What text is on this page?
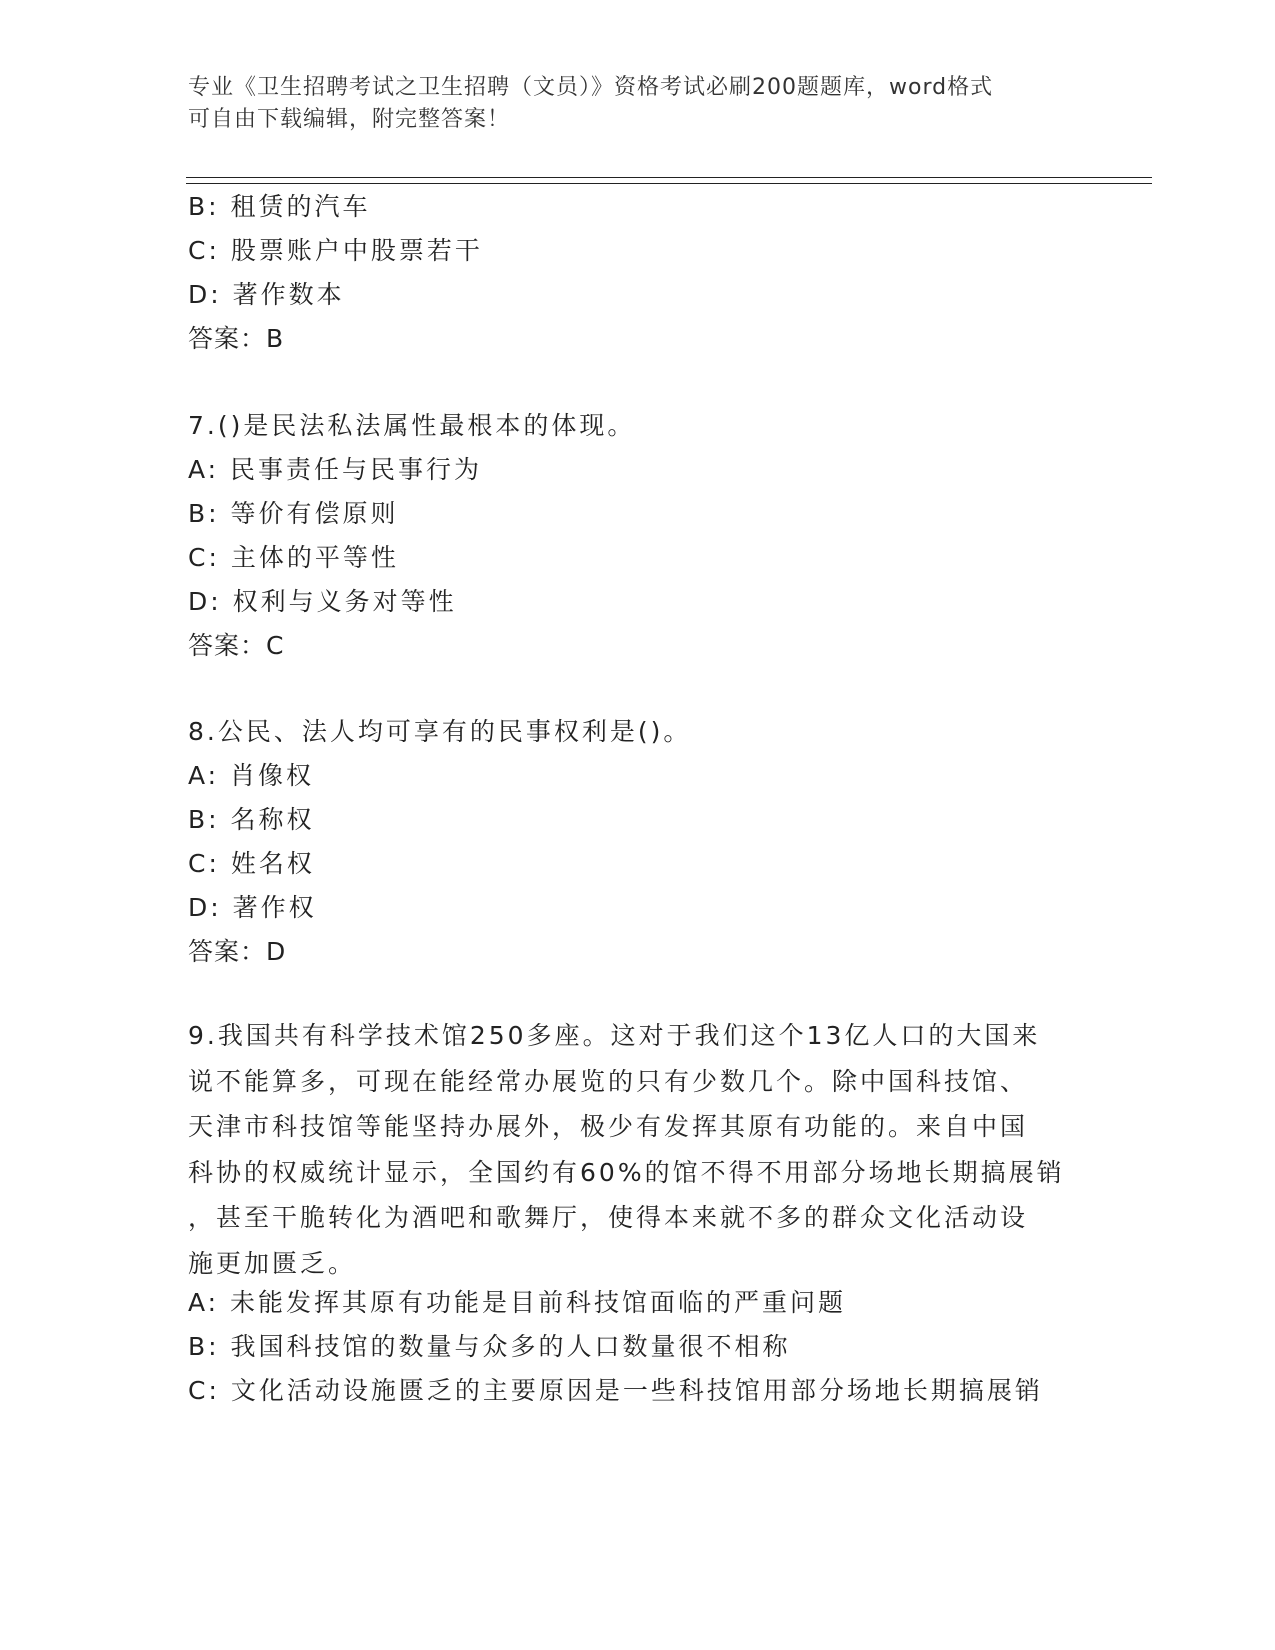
专业《卫生招聘考试之卫生招聘（文员）》资格考试必刷200题题库，word格式
可自由下载编辑，附完整答案！
B: 租赁的汽车
C: 股票账户中股票若干
D: 著作数本
答案：B
7.()是民法私法属性最根本的体现。
A: 民事责任与民事行为
B: 等价有偿原则
C: 主体的平等性
D: 权利与义务对等性
答案：C
8.公民、法人均可享有的民事权利是()。
A: 肖像权
B: 名称权
C: 姓名权
D: 著作权
答案：D
9.我国共有科学技术馆250多座。这对于我们这个13亿人口的大国来
说不能算多，可现在能经常办展览的只有少数几个。除中国科技馆、
天津市科技馆等能坚持办展外，极少有发挥其原有功能的。来自中国
科协的权威统计显示，全国约有60%的馆不得不用部分场地长期搞展销
，甚至干脆转化为酒吧和歌舞厅，使得本来就不多的群众文化活动设
施更加匮乏。
A: 未能发挥其原有功能是目前科技馆面临的严重问题
B: 我国科技馆的数量与众多的人口数量很不相称
C: 文化活动设施匮乏的主要原因是一些科技馆用部分场地长期搞展销
